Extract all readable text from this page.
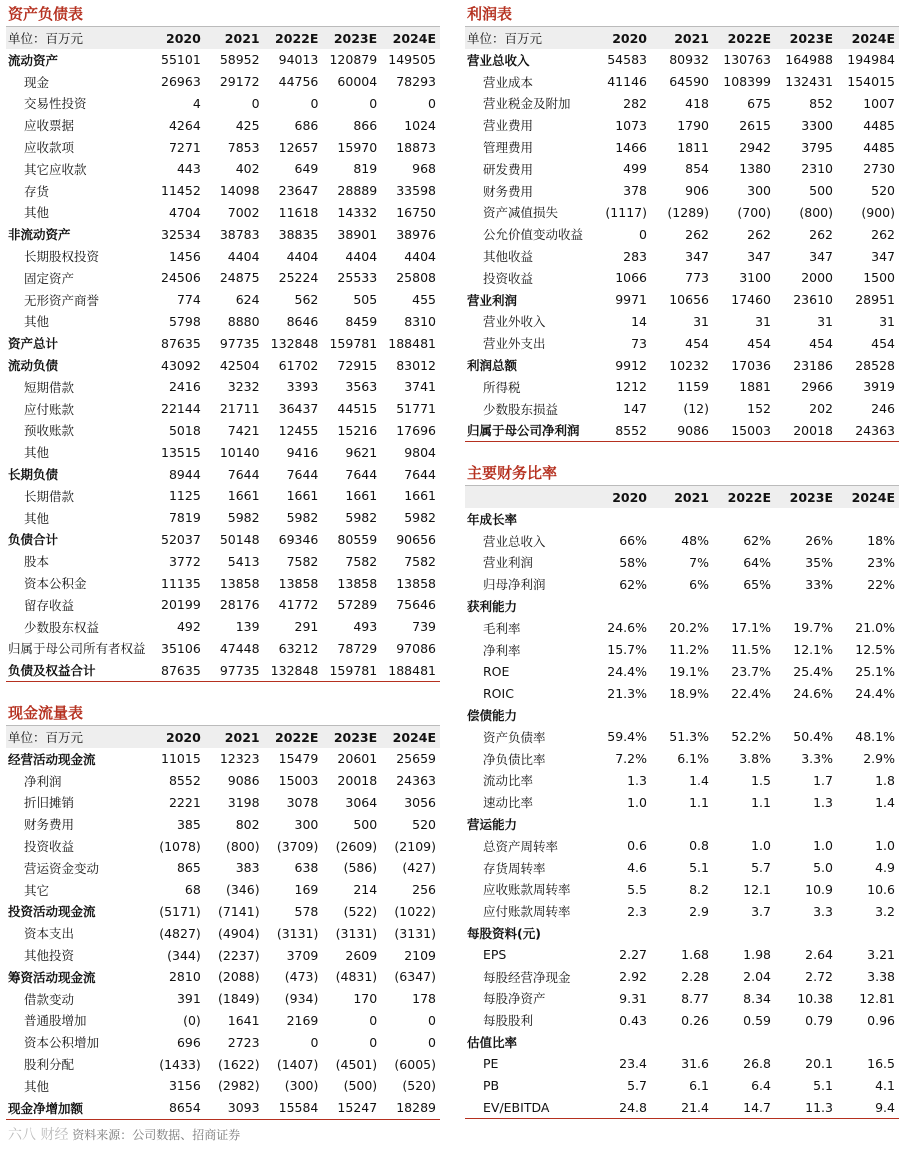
资产负债表
单位：百万元	2020	2021	2022E	2023E	2024E
流动资产	55101	58952	94013	120879	149505
现金	26963	29172	44756	60004	78293
交易性投资	4	0	0	0	0
应收票据	4264	425	686	866	1024
应收款项	7271	7853	12657	15970	18873
其它应收款	443	402	649	819	968
存货	11452	14098	23647	28889	33598
其他	4704	7002	11618	14332	16750
非流动资产	32534	38783	38835	38901	38976
长期股权投资	1456	4404	4404	4404	4404
固定资产	24506	24875	25224	25533	25808
无形资产商誉	774	624	562	505	455
其他	5798	8880	8646	8459	8310
资产总计	87635	97735	132848	159781	188481
流动负债	43092	42504	61702	72915	83012
短期借款	2416	3232	3393	3563	3741
应付账款	22144	21711	36437	44515	51771
预收账款	5018	7421	12455	15216	17696
其他	13515	10140	9416	9621	9804
长期负债	8944	7644	7644	7644	7644
长期借款	1125	1661	1661	1661	1661
其他	7819	5982	5982	5982	5982
负债合计	52037	50148	69346	80559	90656
股本	3772	5413	7582	7582	7582
资本公积金	11135	13858	13858	13858	13858
留存收益	20199	28176	41772	57289	75646
少数股东权益	492	139	291	493	739
归属于母公司所有者权益	35106	47448	63212	78729	97086
负债及权益合计	87635	97735	132848	159781	188481
现金流量表
单位：百万元	2020	2021	2022E	2023E	2024E
经营活动现金流	11015	12323	15479	20601	25659
净利润	8552	9086	15003	20018	24363
折旧摊销	2221	3198	3078	3064	3056
财务费用	385	802	300	500	520
投资收益	(1078)	(800)	(3709)	(2609)	(2109)
营运资金变动	865	383	638	(586)	(427)
其它	68	(346)	169	214	256
投资活动现金流	(5171)	(7141)	578	(522)	(1022)
资本支出	(4827)	(4904)	(3131)	(3131)	(3131)
其他投资	(344)	(2237)	3709	2609	2109
筹资活动现金流	2810	(2088)	(473)	(4831)	(6347)
借款变动	391	(1849)	(934)	170	178
普通股增加	(0)	1641	2169	0	0
资本公积增加	696	2723	0	0	0
股利分配	(1433)	(1622)	(1407)	(4501)	(6005)
其他	3156	(2982)	(300)	(500)	(520)
现金净增加额	8654	3093	15584	15247	18289
利润表
单位：百万元	2020	2021	2022E	2023E	2024E
营业总收入	54583	80932	130763	164988	194984
营业成本	41146	64590	108399	132431	154015
营业税金及附加	282	418	675	852	1007
营业费用	1073	1790	2615	3300	4485
管理费用	1466	1811	2942	3795	4485
研发费用	499	854	1380	2310	2730
财务费用	378	906	300	500	520
资产减值损失	(1117)	(1289)	(700)	(800)	(900)
公允价值变动收益	0	262	262	262	262
其他收益	283	347	347	347	347
投资收益	1066	773	3100	2000	1500
营业利润	9971	10656	17460	23610	28951
营业外收入	14	31	31	31	31
营业外支出	73	454	454	454	454
利润总额	9912	10232	17036	23186	28528
所得税	1212	1159	1881	2966	3919
少数股东损益	147	(12)	152	202	246
归属于母公司净利润	8552	9086	15003	20018	24363
主要财务比率
	2020	2021	2022E	2023E	2024E
年成长率					
营业总收入	66%	48%	62%	26%	18%
营业利润	58%	7%	64%	35%	23%
归母净利润	62%	6%	65%	33%	22%
获利能力					
毛利率	24.6%	20.2%	17.1%	19.7%	21.0%
净利率	15.7%	11.2%	11.5%	12.1%	12.5%
ROE	24.4%	19.1%	23.7%	25.4%	25.1%
ROIC	21.3%	18.9%	22.4%	24.6%	24.4%
偿债能力					
资产负债率	59.4%	51.3%	52.2%	50.4%	48.1%
净负债比率	7.2%	6.1%	3.8%	3.3%	2.9%
流动比率	1.3	1.4	1.5	1.7	1.8
速动比率	1.0	1.1	1.1	1.3	1.4
营运能力					
总资产周转率	0.6	0.8	1.0	1.0	1.0
存货周转率	4.6	5.1	5.7	5.0	4.9
应收账款周转率	5.5	8.2	12.1	10.9	10.6
应付账款周转率	2.3	2.9	3.7	3.3	3.2
每股资料(元)					
EPS	2.27	1.68	1.98	2.64	3.21
每股经营净现金	2.92	2.28	2.04	2.72	3.38
每股净资产	9.31	8.77	8.34	10.38	12.81
每股股利	0.43	0.26	0.59	0.79	0.96
估值比率					
PE	23.4	31.6	26.8	20.1	16.5
PB	5.7	6.1	6.4	5.1	4.1
EV/EBITDA	24.8	21.4	14.7	11.3	9.4
六八 财经 资料来源：公司数据、招商证券
